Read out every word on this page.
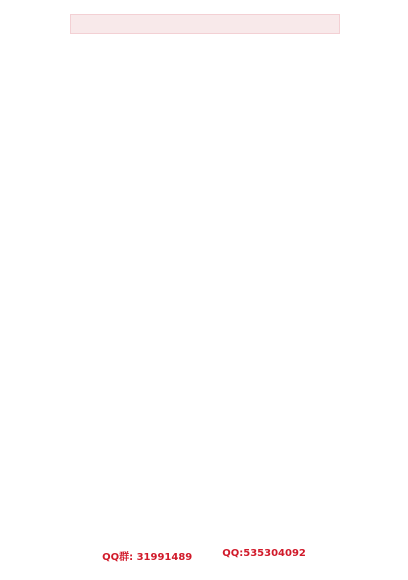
QQ群: 31991489	QQ:535304092
